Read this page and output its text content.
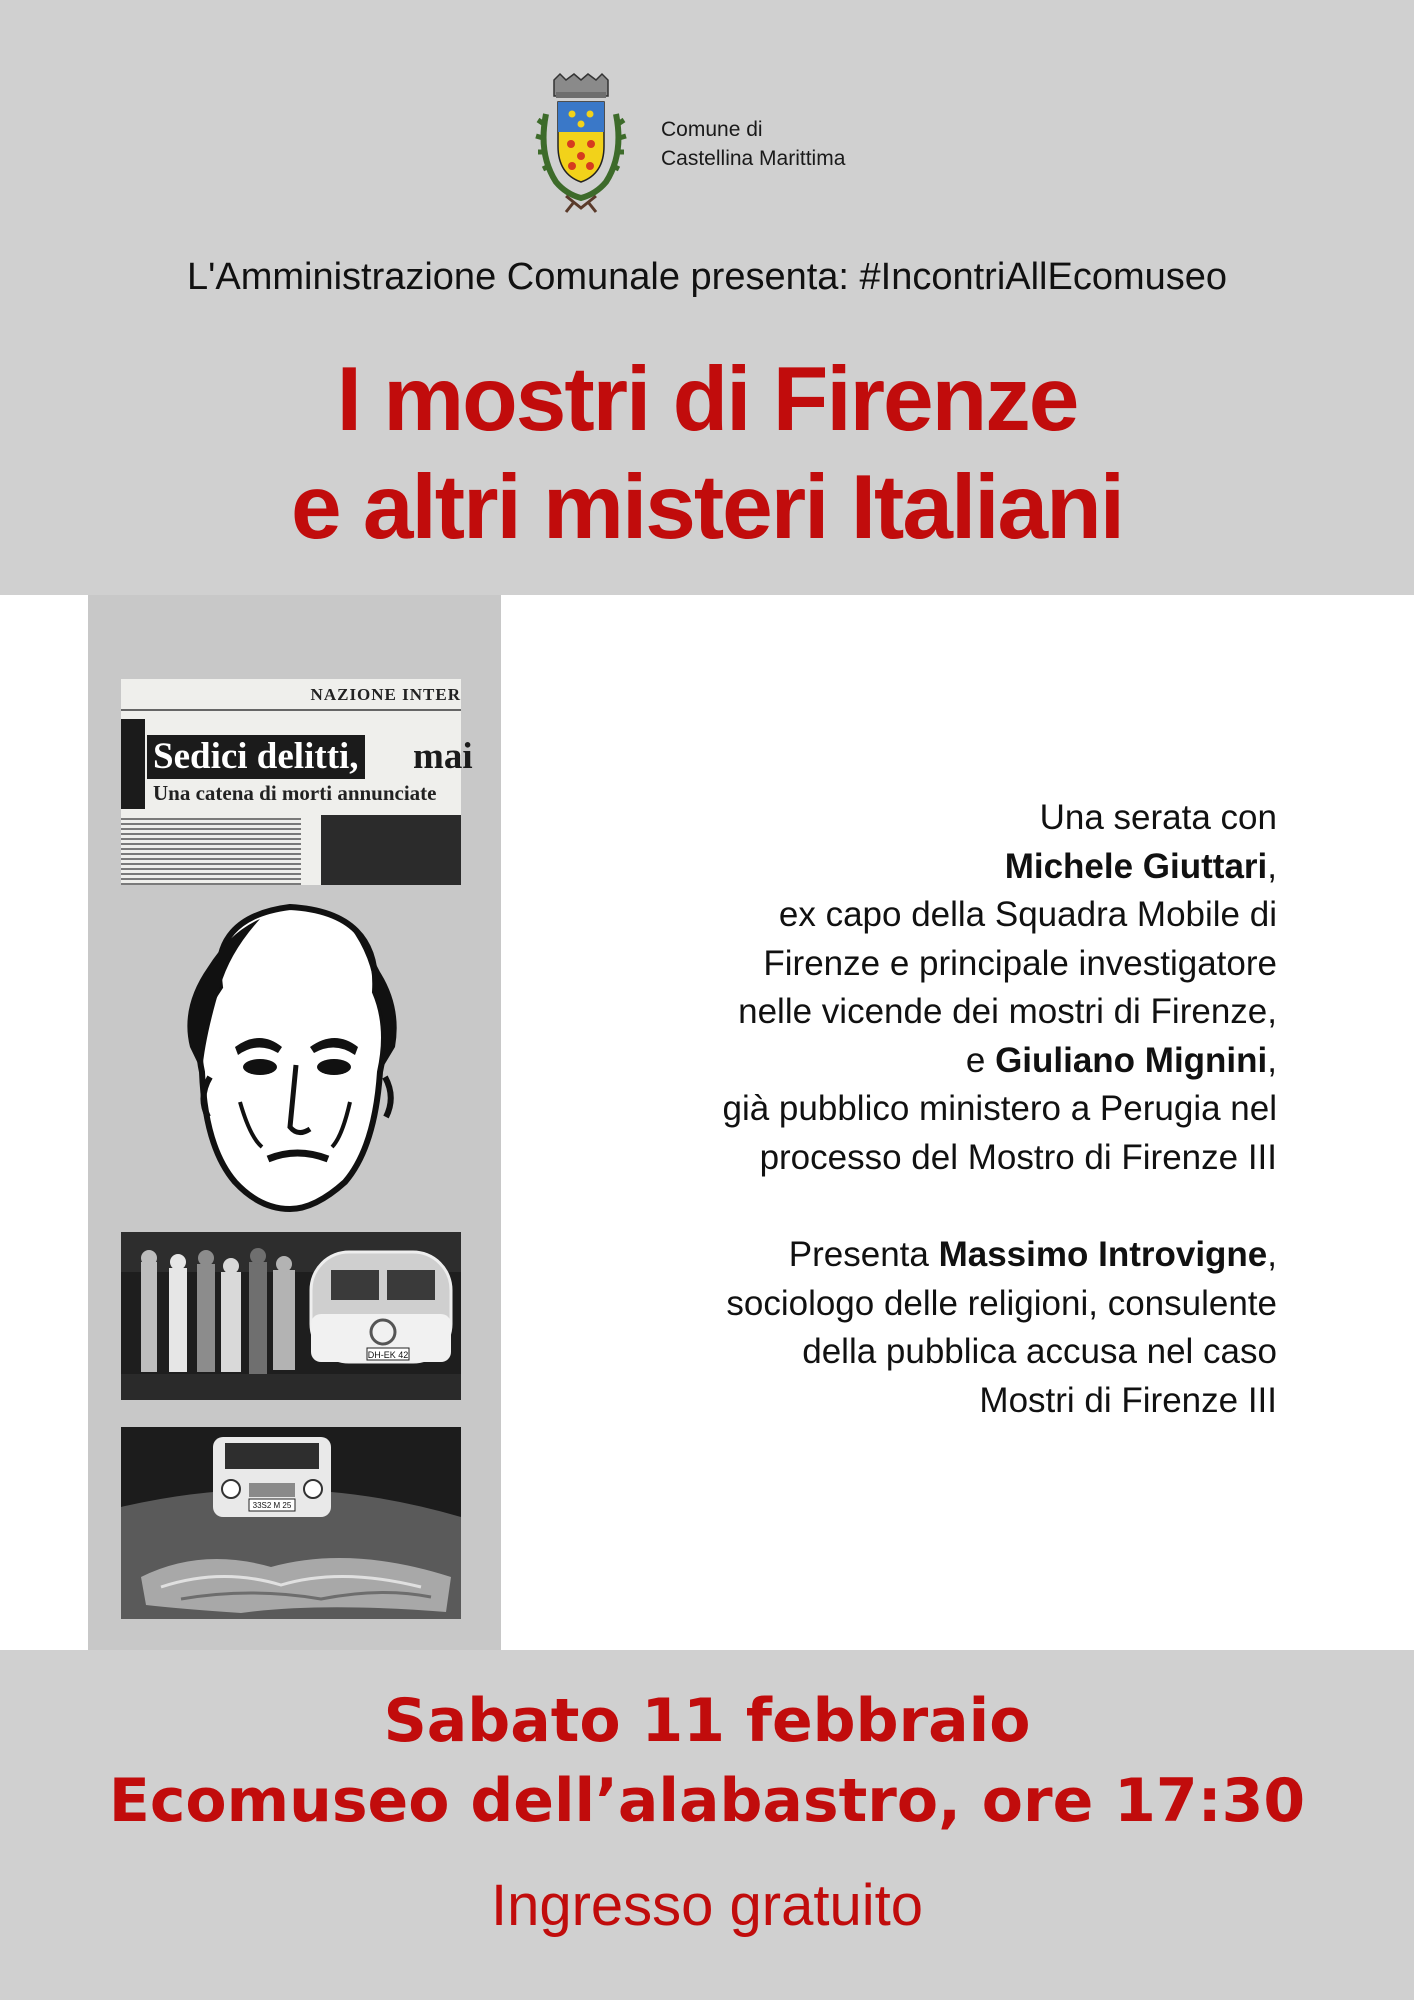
Comune di
Castellina Marittima
L'Amministrazione Comunale presenta: #IncontriAllEcomuseo
I mostri di Firenze
e altri misteri Italiani
NAZIONE INTER
Sedici delitti, mai
Una catena di morti annunciate
DH-EK 42
33S2 M 25
Una serata con
Michele Giuttari,
ex capo della Squadra Mobile di
Firenze e principale investigatore
nelle vicende dei mostri di Firenze,
e Giuliano Mignini,
già pubblico ministero a Perugia nel
processo del Mostro di Firenze III
Presenta Massimo Introvigne,
sociologo delle religioni, consulente
della pubblica accusa nel caso
Mostri di Firenze III
Sabato 11 febbraio
Ecomuseo dell’alabastro, ore 17:30
Ingresso gratuito
